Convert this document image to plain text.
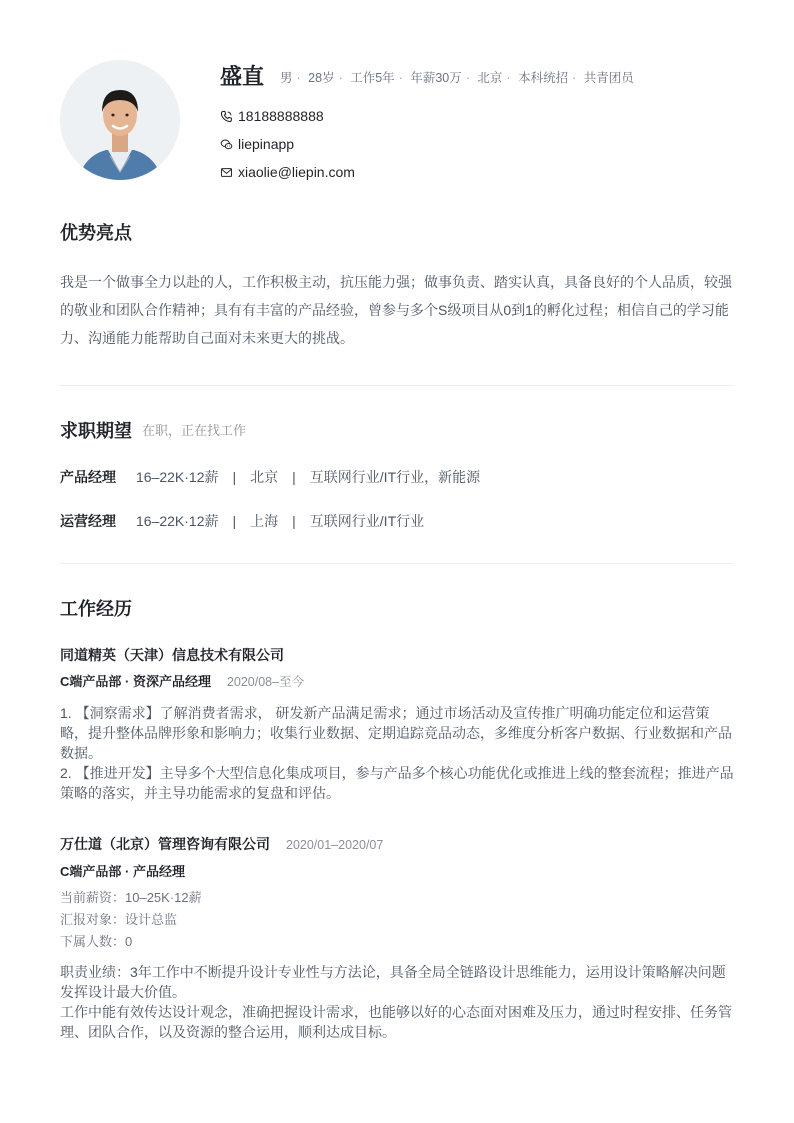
盛直 男 · 28岁 · 工作5年 · 年薪30万 · 北京 · 本科统招 · 共青团员
18188888888
liepinapp
xiaolie@liepin.com
优势亮点
我是一个做事全力以赴的人，工作积极主动，抗压能力强；做事负责、踏实认真，具备良好的个人品质，较强的敬业和团队合作精神；具有有丰富的产品经验，曾参与多个S级项目从0到1的孵化过程；相信自己的学习能力、沟通能力能帮助自己面对未来更大的挑战。
求职期望 在职，正在找工作
产品经理	16–22K·12薪 | 北京 | 互联网行业/IT行业，新能源
运营经理	16–22K·12薪 | 上海 | 互联网行业/IT行业
工作经历
同道精英（天津）信息技术有限公司
C端产品部 · 资深产品经理 2020/08–至今

1. 【洞察需求】了解消费者需求， 研发新产品满足需求；通过市场活动及宣传推广明确功能定位和运营策略，提升整体品牌形象和影响力；收集行业数据、定期追踪竞品动态，多维度分析客户数据、行业数据和产品数据。

2. 【推进开发】主导多个大型信息化集成项目，参与产品多个核心功能优化或推进上线的整套流程；推进产品策略的落实，并主导功能需求的复盘和评估。

万仕道（北京）管理咨询有限公司 2020/01–2020/07
C端产品部 · 产品经理
当前薪资：10–25K·12薪
汇报对象：设计总监
下属人数：0

职责业绩：3年工作中不断提升设计专业性与方法论，具备全局全链路设计思维能力，运用设计策略解决问题发挥设计最大价值。

工作中能有效传达设计观念，准确把握设计需求，也能够以好的心态面对困难及压力，通过时程安排、任务管理、团队合作，以及资源的整合运用，顺利达成目标。
